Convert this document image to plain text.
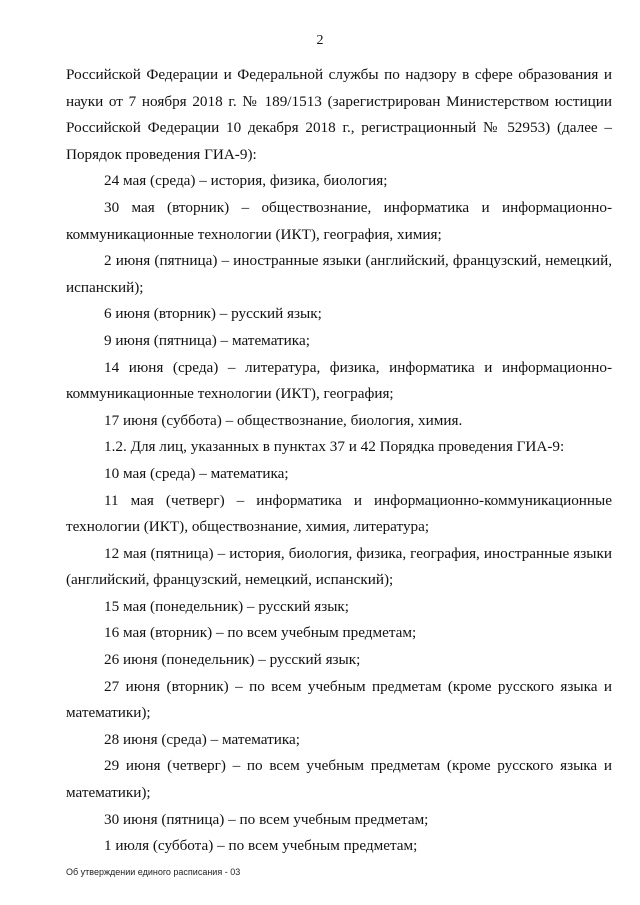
2

Российской Федерации и Федеральной службы по надзору в сфере образования и науки от 7 ноября 2018 г. № 189/1513 (зарегистрирован Министерством юстиции Российской Федерации 10 декабря 2018 г., регистрационный № 52953) (далее – Порядок проведения ГИА-9):

24 мая (среда) – история, физика, биология;

30 мая (вторник) – обществознание, информатика и информационно-коммуникационные технологии (ИКТ), география, химия;

2 июня (пятница) – иностранные языки (английский, французский, немецкий, испанский);

6 июня (вторник) – русский язык;

9 июня (пятница) – математика;

14 июня (среда) – литература, физика, информатика и информационно-коммуникационные технологии (ИКТ), география;

17 июня (суббота) – обществознание, биология, химия.

1.2. Для лиц, указанных в пунктах 37 и 42 Порядка проведения ГИА-9:

10 мая (среда) – математика;

11 мая (четверг) – информатика и информационно-коммуникационные технологии (ИКТ), обществознание, химия, литература;

12 мая (пятница) – история, биология, физика, география, иностранные языки (английский, французский, немецкий, испанский);

15 мая (понедельник) – русский язык;

16 мая (вторник) – по всем учебным предметам;

26 июня (понедельник) – русский язык;

27 июня (вторник) – по всем учебным предметам (кроме русского языка и математики);

28 июня (среда) – математика;

29 июня (четверг) – по всем учебным предметам (кроме русского языка и математики);

30 июня (пятница) – по всем учебным предметам;

1 июля (суббота) – по всем учебным предметам;

Об утверждении единого расписания - 03
